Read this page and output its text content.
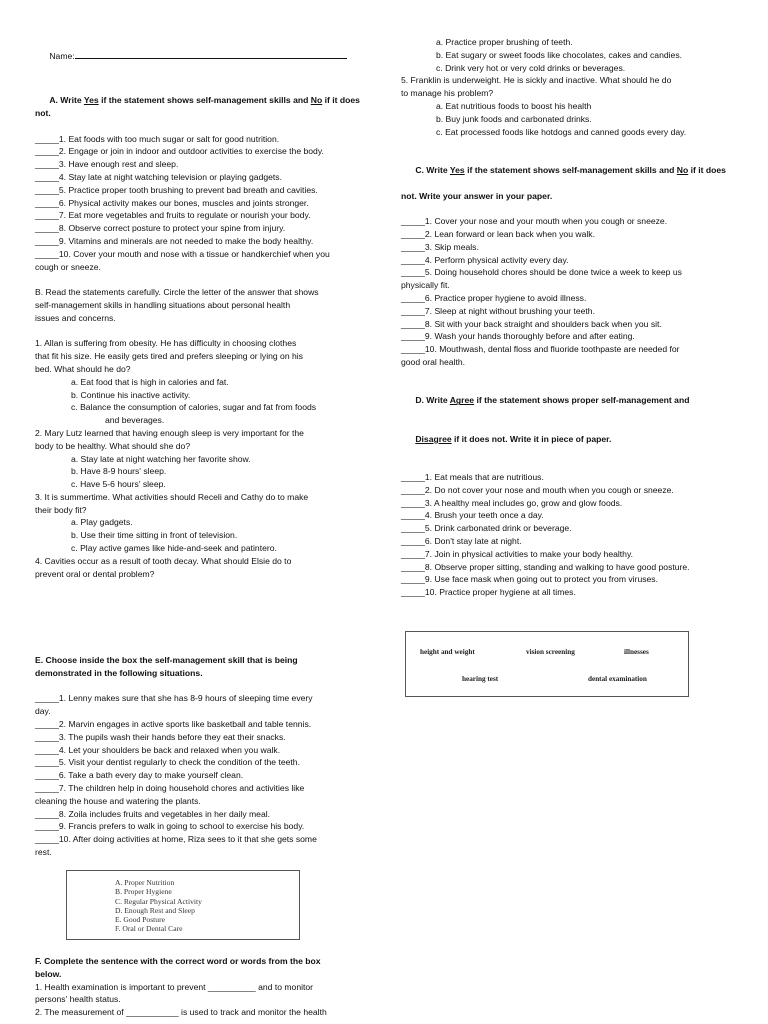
Name:

A. Write Yes if the statement shows self-management skills and No if it does not.

_____1. Eat foods with too much sugar or salt for good nutrition.
_____2. Engage or join in indoor and outdoor activities to exercise the body.
_____3. Have enough rest and sleep.
_____4. Stay late at night watching television or playing gadgets.
_____5. Practice proper tooth brushing to prevent bad breath and cavities.
_____6. Physical activity makes our bones, muscles and joints stronger.
_____7. Eat more vegetables and fruits to regulate or nourish your body.
_____8. Observe correct posture to protect your spine from injury.
_____9. Vitamins and minerals are not needed to make the body healthy.
_____10. Cover your mouth and nose with a tissue or handkerchief when you
cough or sneeze.
B. Read the statements carefully. Circle the letter of the answer that shows
self-management skills in handling situations about personal health
issues and concerns.
1. Allan is suffering from obesity. He has difficulty in choosing clothes
that fit his size. He easily gets tired and prefers sleeping or lying on his
bed. What should he do?
a. Eat food that is high in calories and fat.
b. Continue his inactive activity.
c. Balance the consumption of calories, sugar and fat from foods
and beverages.
2. Mary Lutz learned that having enough sleep is very important for the
body to be healthy. What should she do?
a. Stay late at night watching her favorite show.
b. Have 8-9 hours' sleep.
c. Have 5-6 hours' sleep.
3. It is summertime. What activities should Receli and Cathy do to make
their body fit?
a. Play gadgets.
b. Use their time sitting in front of television.
c. Play active games like hide-and-seek and patintero.
4. Cavities occur as a result of tooth decay. What should Elsie do to
prevent oral or dental problem?
a. Practice proper brushing of teeth.
b. Eat sugary or sweet foods like chocolates, cakes and candies.
c. Drink very hot or very cold drinks or beverages.
5. Franklin is underweight. He is sickly and inactive. What should he do
to manage his problem?
a. Eat nutritious foods to boost his health
b. Buy junk foods and carbonated drinks.
c. Eat processed foods like hotdogs and canned goods every day.

C. Write Yes if the statement shows self-management skills and No if it does

not. Write your answer in your paper.
_____1. Cover your nose and your mouth when you cough or sneeze.
_____2. Lean forward or lean back when you walk.
_____3. Skip meals.
_____4. Perform physical activity every day.
_____5. Doing household chores should be done twice a week to keep us
physically fit.
_____6. Practice proper hygiene to avoid illness.
_____7. Sleep at night without brushing your teeth.
_____8. Sit with your back straight and shoulders back when you sit.
_____9. Wash your hands thoroughly before and after eating.
_____10. Mouthwash, dental floss and fluoride toothpaste are needed for
good oral health.

D. Write Agree if the statement shows proper self-management and

Disagree if it does not. Write it in piece of paper.

_____1. Eat meals that are nutritious.
_____2. Do not cover your nose and mouth when you cough or sneeze.
_____3. A healthy meal includes go, grow and glow foods.
_____4. Brush your teeth once a day.
_____5. Drink carbonated drink or beverage.
_____6. Don't stay late at night.
_____7. Join in physical activities to make your body healthy.
_____8. Observe proper sitting, standing and walking to have good posture.
_____9. Use face mask when going out to protect you from viruses.
_____10. Practice proper hygiene at all times.
height and weight	vision screening	illnesses
hearing test	dental examination
E. Choose inside the box the self-management skill that is being
demonstrated in the following situations.
_____1. Lenny makes sure that she has 8-9 hours of sleeping time every
day.
_____2. Marvin engages in active sports like basketball and table tennis.
_____3. The pupils wash their hands before they eat their snacks.
_____4. Let your shoulders be back and relaxed when you walk.
_____5. Visit your dentist regularly to check the condition of the teeth.
_____6. Take a bath every day to make yourself clean.
_____7. The children help in doing household chores and activities like
cleaning the house and watering the plants.
_____8. Zoila includes fruits and vegetables in her daily meal.
_____9. Francis prefers to walk in going to school to exercise his body.
_____10. After doing activities at home, Riza sees to it that she gets some
rest.
A. Proper Nutrition
B. Proper Hygiene
C. Regular Physical Activity
D. Enough Rest and Sleep
E. Good Posture
F. Oral or Dental Care
F. Complete the sentence with the correct word or words from the box
below.
1. Health examination is important to prevent __________ and to monitor
persons' health status.
2. The measurement of ___________ is used to track and monitor the health
